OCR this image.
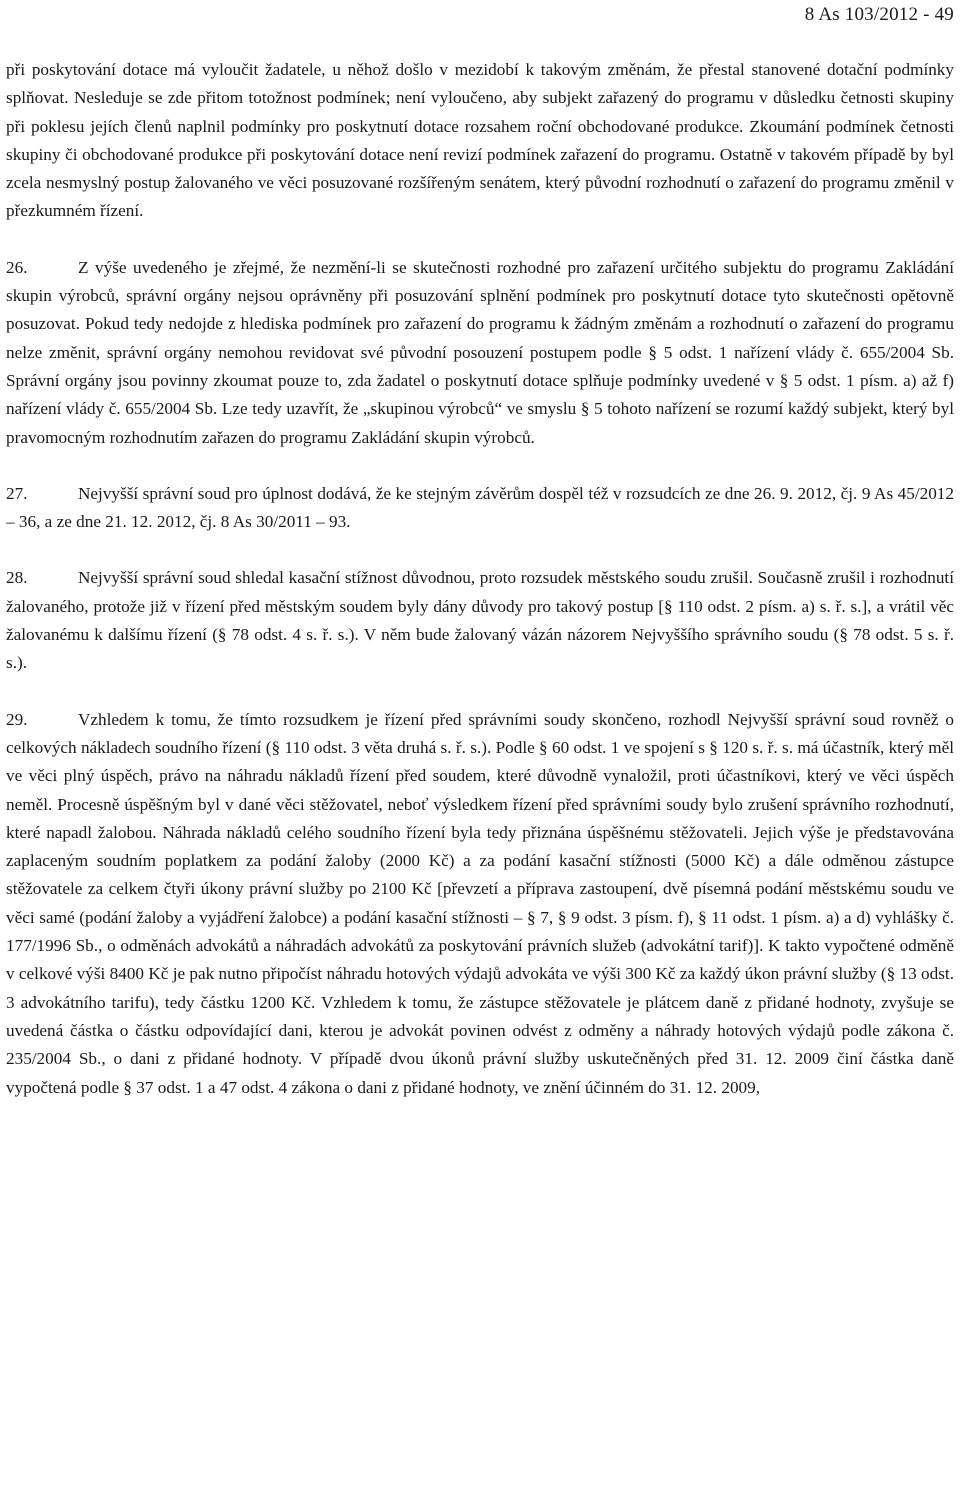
8 As 103/2012 - 49

při poskytování dotace má vyloučit žadatele, u něhož došlo v mezidobí k takovým změnám, že přestal stanovené dotační podmínky splňovat. Nesleduje se zde přitom totožnost podmínek; není vyloučeno, aby subjekt zařazený do programu v důsledku četnosti skupiny při poklesu jejích členů naplnil podmínky pro poskytnutí dotace rozsahem roční obchodované produkce. Zkoumání podmínek četnosti skupiny či obchodované produkce při poskytování dotace není revizí podmínek zařazení do programu. Ostatně v takovém případě by byl zcela nesmyslný postup žalovaného ve věci posuzované rozšířeným senátem, který původní rozhodnutí o zařazení do programu změnil v přezkumném řízení.

26.	Z výše uvedeného je zřejmé, že nezmění-li se skutečnosti rozhodné pro zařazení určitého subjektu do programu Zakládání skupin výrobců, správní orgány nejsou oprávněny při posuzování splnění podmínek pro poskytnutí dotace tyto skutečnosti opětovně posuzovat. Pokud tedy nedojde z hlediska podmínek pro zařazení do programu k žádným změnám a rozhodnutí o zařazení do programu nelze změnit, správní orgány nemohou revidovat své původní posouzení postupem podle § 5 odst. 1 nařízení vlády č. 655/2004 Sb. Správní orgány jsou povinny zkoumat pouze to, zda žadatel o poskytnutí dotace splňuje podmínky uvedené v § 5 odst. 1 písm. a) až f) nařízení vlády č. 655/2004 Sb. Lze tedy uzavřít, že „skupinou výrobců“ ve smyslu § 5 tohoto nařízení se rozumí každý subjekt, který byl pravomocným rozhodnutím zařazen do programu Zakládání skupin výrobců.

27.	Nejvyšší správní soud pro úplnost dodává, že ke stejným závěrům dospěl též v rozsudcích ze dne 26. 9. 2012, čj. 9 As 45/2012 – 36, a ze dne 21. 12. 2012, čj. 8 As 30/2011 – 93.

28.	Nejvyšší správní soud shledal kasační stížnost důvodnou, proto rozsudek městského soudu zrušil. Současně zrušil i rozhodnutí žalovaného, protože již v řízení před městským soudem byly dány důvody pro takový postup [§ 110 odst. 2 písm. a) s. ř. s.], a vrátil věc žalovanému k dalšímu řízení (§ 78 odst. 4 s. ř. s.). V něm bude žalovaný vázán názorem Nejvyššího správního soudu (§ 78 odst. 5 s. ř. s.).

29.	Vzhledem k tomu, že tímto rozsudkem je řízení před správními soudy skončeno, rozhodl Nejvyšší správní soud rovněž o celkových nákladech soudního řízení (§ 110 odst. 3 věta druhá s. ř. s.). Podle § 60 odst. 1 ve spojení s § 120 s. ř. s. má účastník, který měl ve věci plný úspěch, právo na náhradu nákladů řízení před soudem, které důvodně vynaložil, proti účastníkovi, který ve věci úspěch neměl. Procesně úspěšným byl v dané věci stěžovatel, neboť výsledkem řízení před správními soudy bylo zrušení správního rozhodnutí, které napadl žalobou. Náhrada nákladů celého soudního řízení byla tedy přiznána úspěšnému stěžovateli. Jejich výše je představována zaplaceným soudním poplatkem za podání žaloby (2000 Kč) a za podání kasační stížnosti (5000 Kč) a dále odměnou zástupce stěžovatele za celkem čtyři úkony právní služby po 2100 Kč [převzetí a příprava zastoupení, dvě písemná podání městskému soudu ve věci samé (podání žaloby a vyjádření žalobce) a podání kasační stížnosti – § 7, § 9 odst. 3 písm. f), § 11 odst. 1 písm. a) a d) vyhlášky č. 177/1996 Sb., o odměnách advokátů a náhradách advokátů za poskytování právních služeb (advokátní tarif)]. K takto vypočtené odměně v celkové výši 8400 Kč je pak nutno připočíst náhradu hotových výdajů advokáta ve výši 300 Kč za každý úkon právní služby (§ 13 odst. 3 advokátního tarifu), tedy částku 1200 Kč. Vzhledem k tomu, že zástupce stěžovatele je plátcem daně z přidané hodnoty, zvyšuje se uvedená částka o částku odpovídající dani, kterou je advokát povinen odvést z odměny a náhrady hotových výdajů podle zákona č. 235/2004 Sb., o dani z přidané hodnoty. V případě dvou úkonů právní služby uskutečněných před 31. 12. 2009 činí částka daně vypočtená podle § 37 odst. 1 a 47 odst. 4 zákona o dani z přidané hodnoty, ve znění účinném do 31. 12. 2009,
